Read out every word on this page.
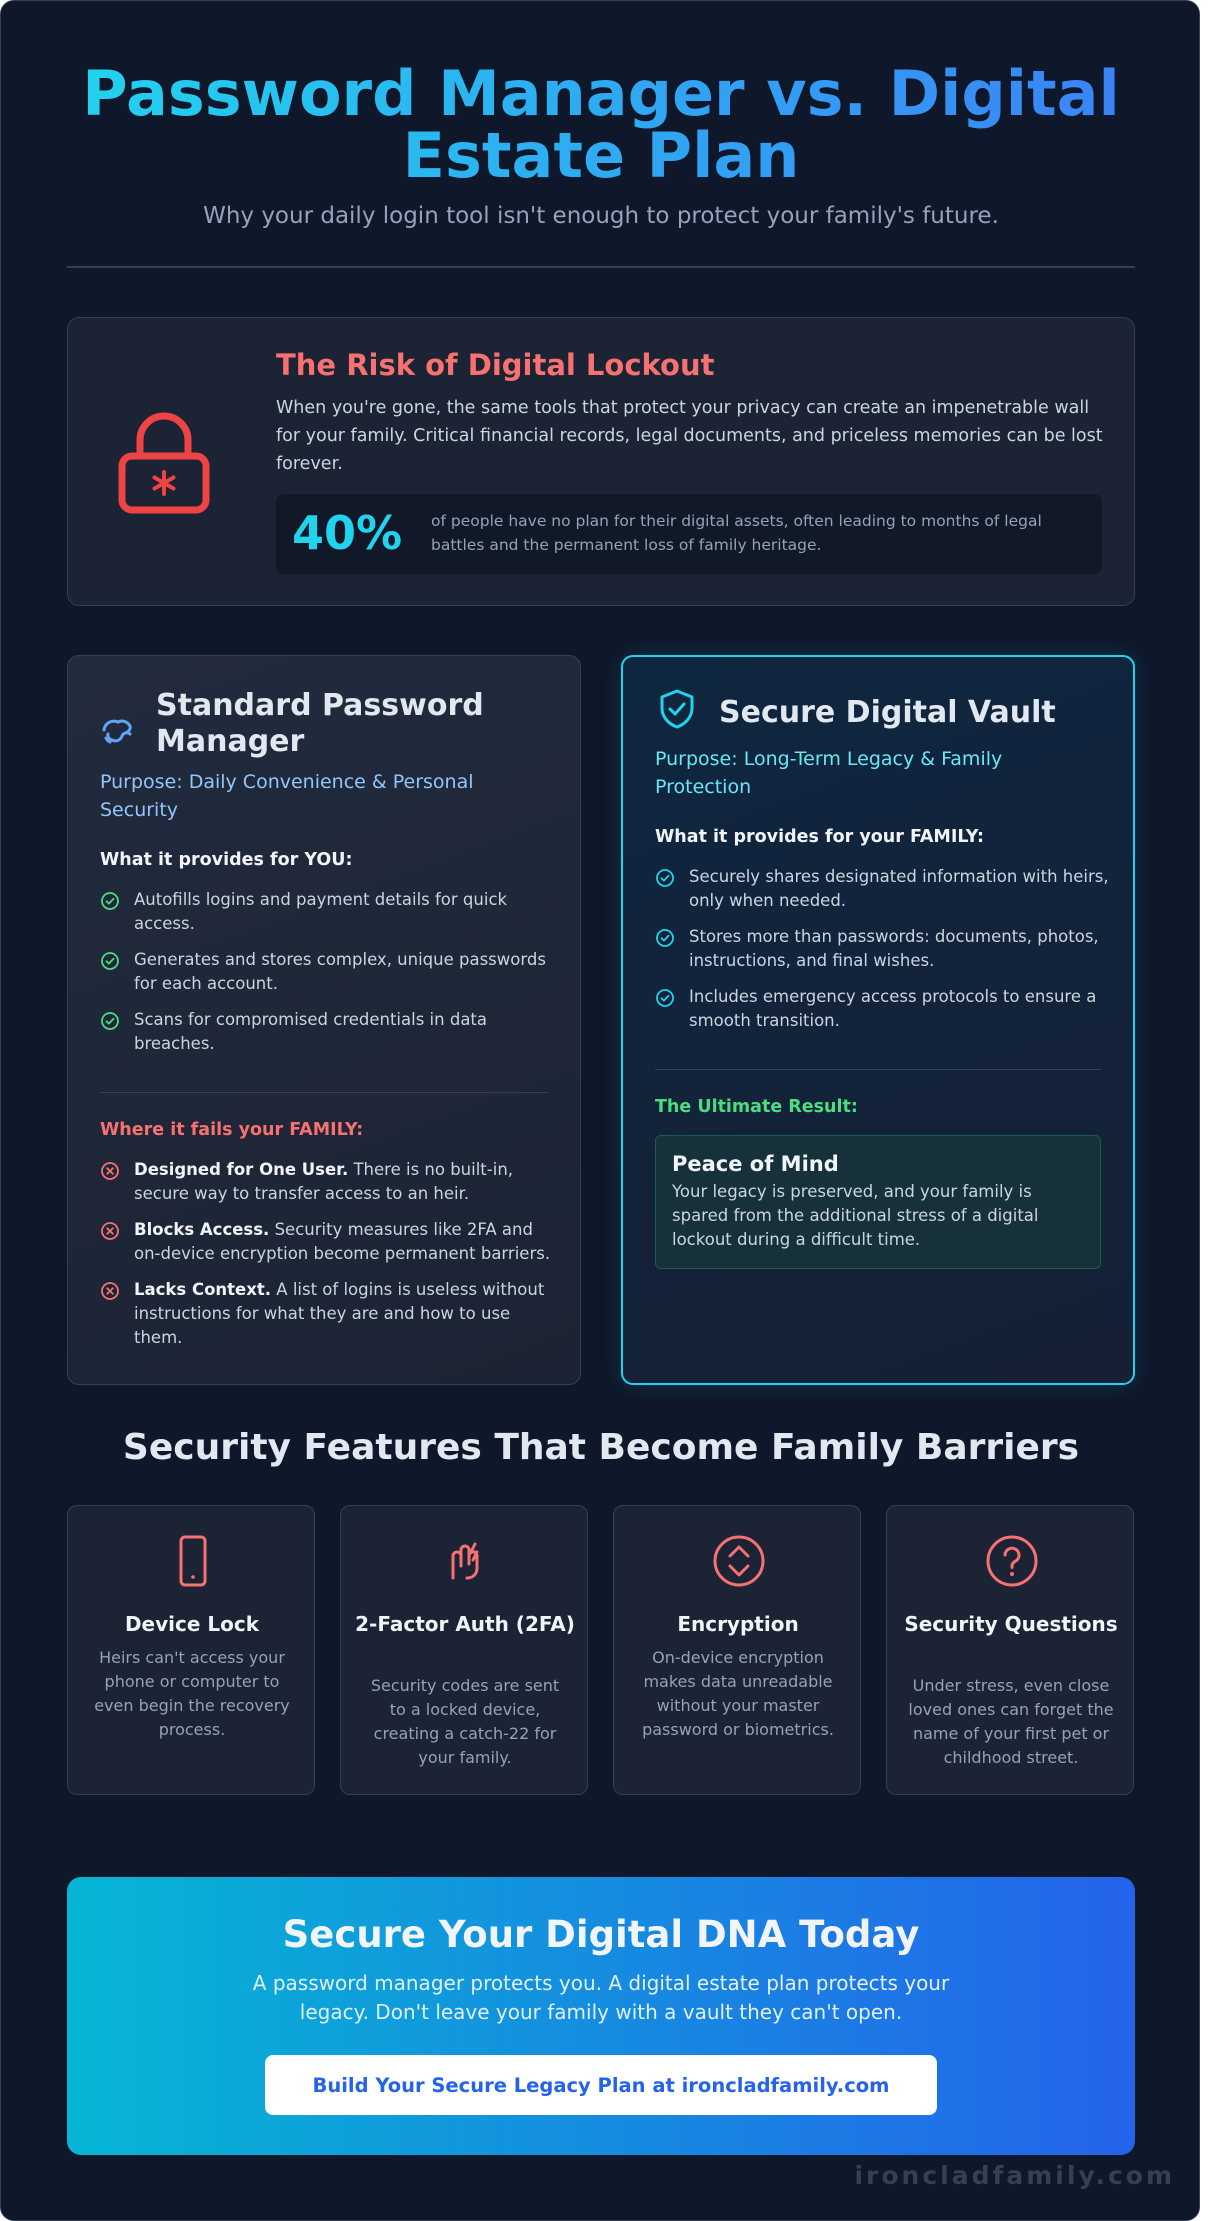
Password Manager vs. Digital
Estate Plan

Why your daily login tool isn't enough to protect your family's future.

The Risk of Digital Lockout

When you're gone, the same tools that protect your privacy can create an impenetrable wall for your family. Critical financial records, legal documents, and priceless memories can be lost forever.

40% of people have no plan for their digital assets, often leading to months of legal battles and the permanent loss of family heritage.

Standard Password Manager

Purpose: Daily Convenience & Personal Security

What it provides for YOU:
Autofills logins and payment details for quick access.
Generates and stores complex, unique passwords for each account.
Scans for compromised credentials in data breaches.
Where it fails your FAMILY:
Designed for One User. There is no built-in, secure way to transfer access to an heir.
Blocks Access. Security measures like 2FA and on-device encryption become permanent barriers.
Lacks Context. A list of logins is useless without instructions for what they are and how to use them.
Secure Digital Vault

Purpose: Long-Term Legacy & Family Protection

What it provides for your FAMILY:
Securely shares designated information with heirs, only when needed.
Stores more than passwords: documents, photos, instructions, and final wishes.
Includes emergency access protocols to ensure a smooth transition.
The Ultimate Result:
Peace of Mind

Your legacy is preserved, and your family is spared from the additional stress of a digital lockout during a difficult time.

Security Features That Become Family Barriers
Device Lock

Heirs can't access your phone or computer to even begin the recovery process.

2-Factor Auth (2FA)

Security codes are sent to a locked device, creating a catch-22 for your family.

Encryption

On-device encryption makes data unreadable without your master password or biometrics.

Security Questions

Under stress, even close loved ones can forget the name of your first pet or childhood street.

Secure Your Digital DNA Today

A password manager protects you. A digital estate plan protects your legacy. Don't leave your family with a vault they can't open.

Build Your Secure Legacy Plan at ironcladfamily.com
ironcladfamily.com
